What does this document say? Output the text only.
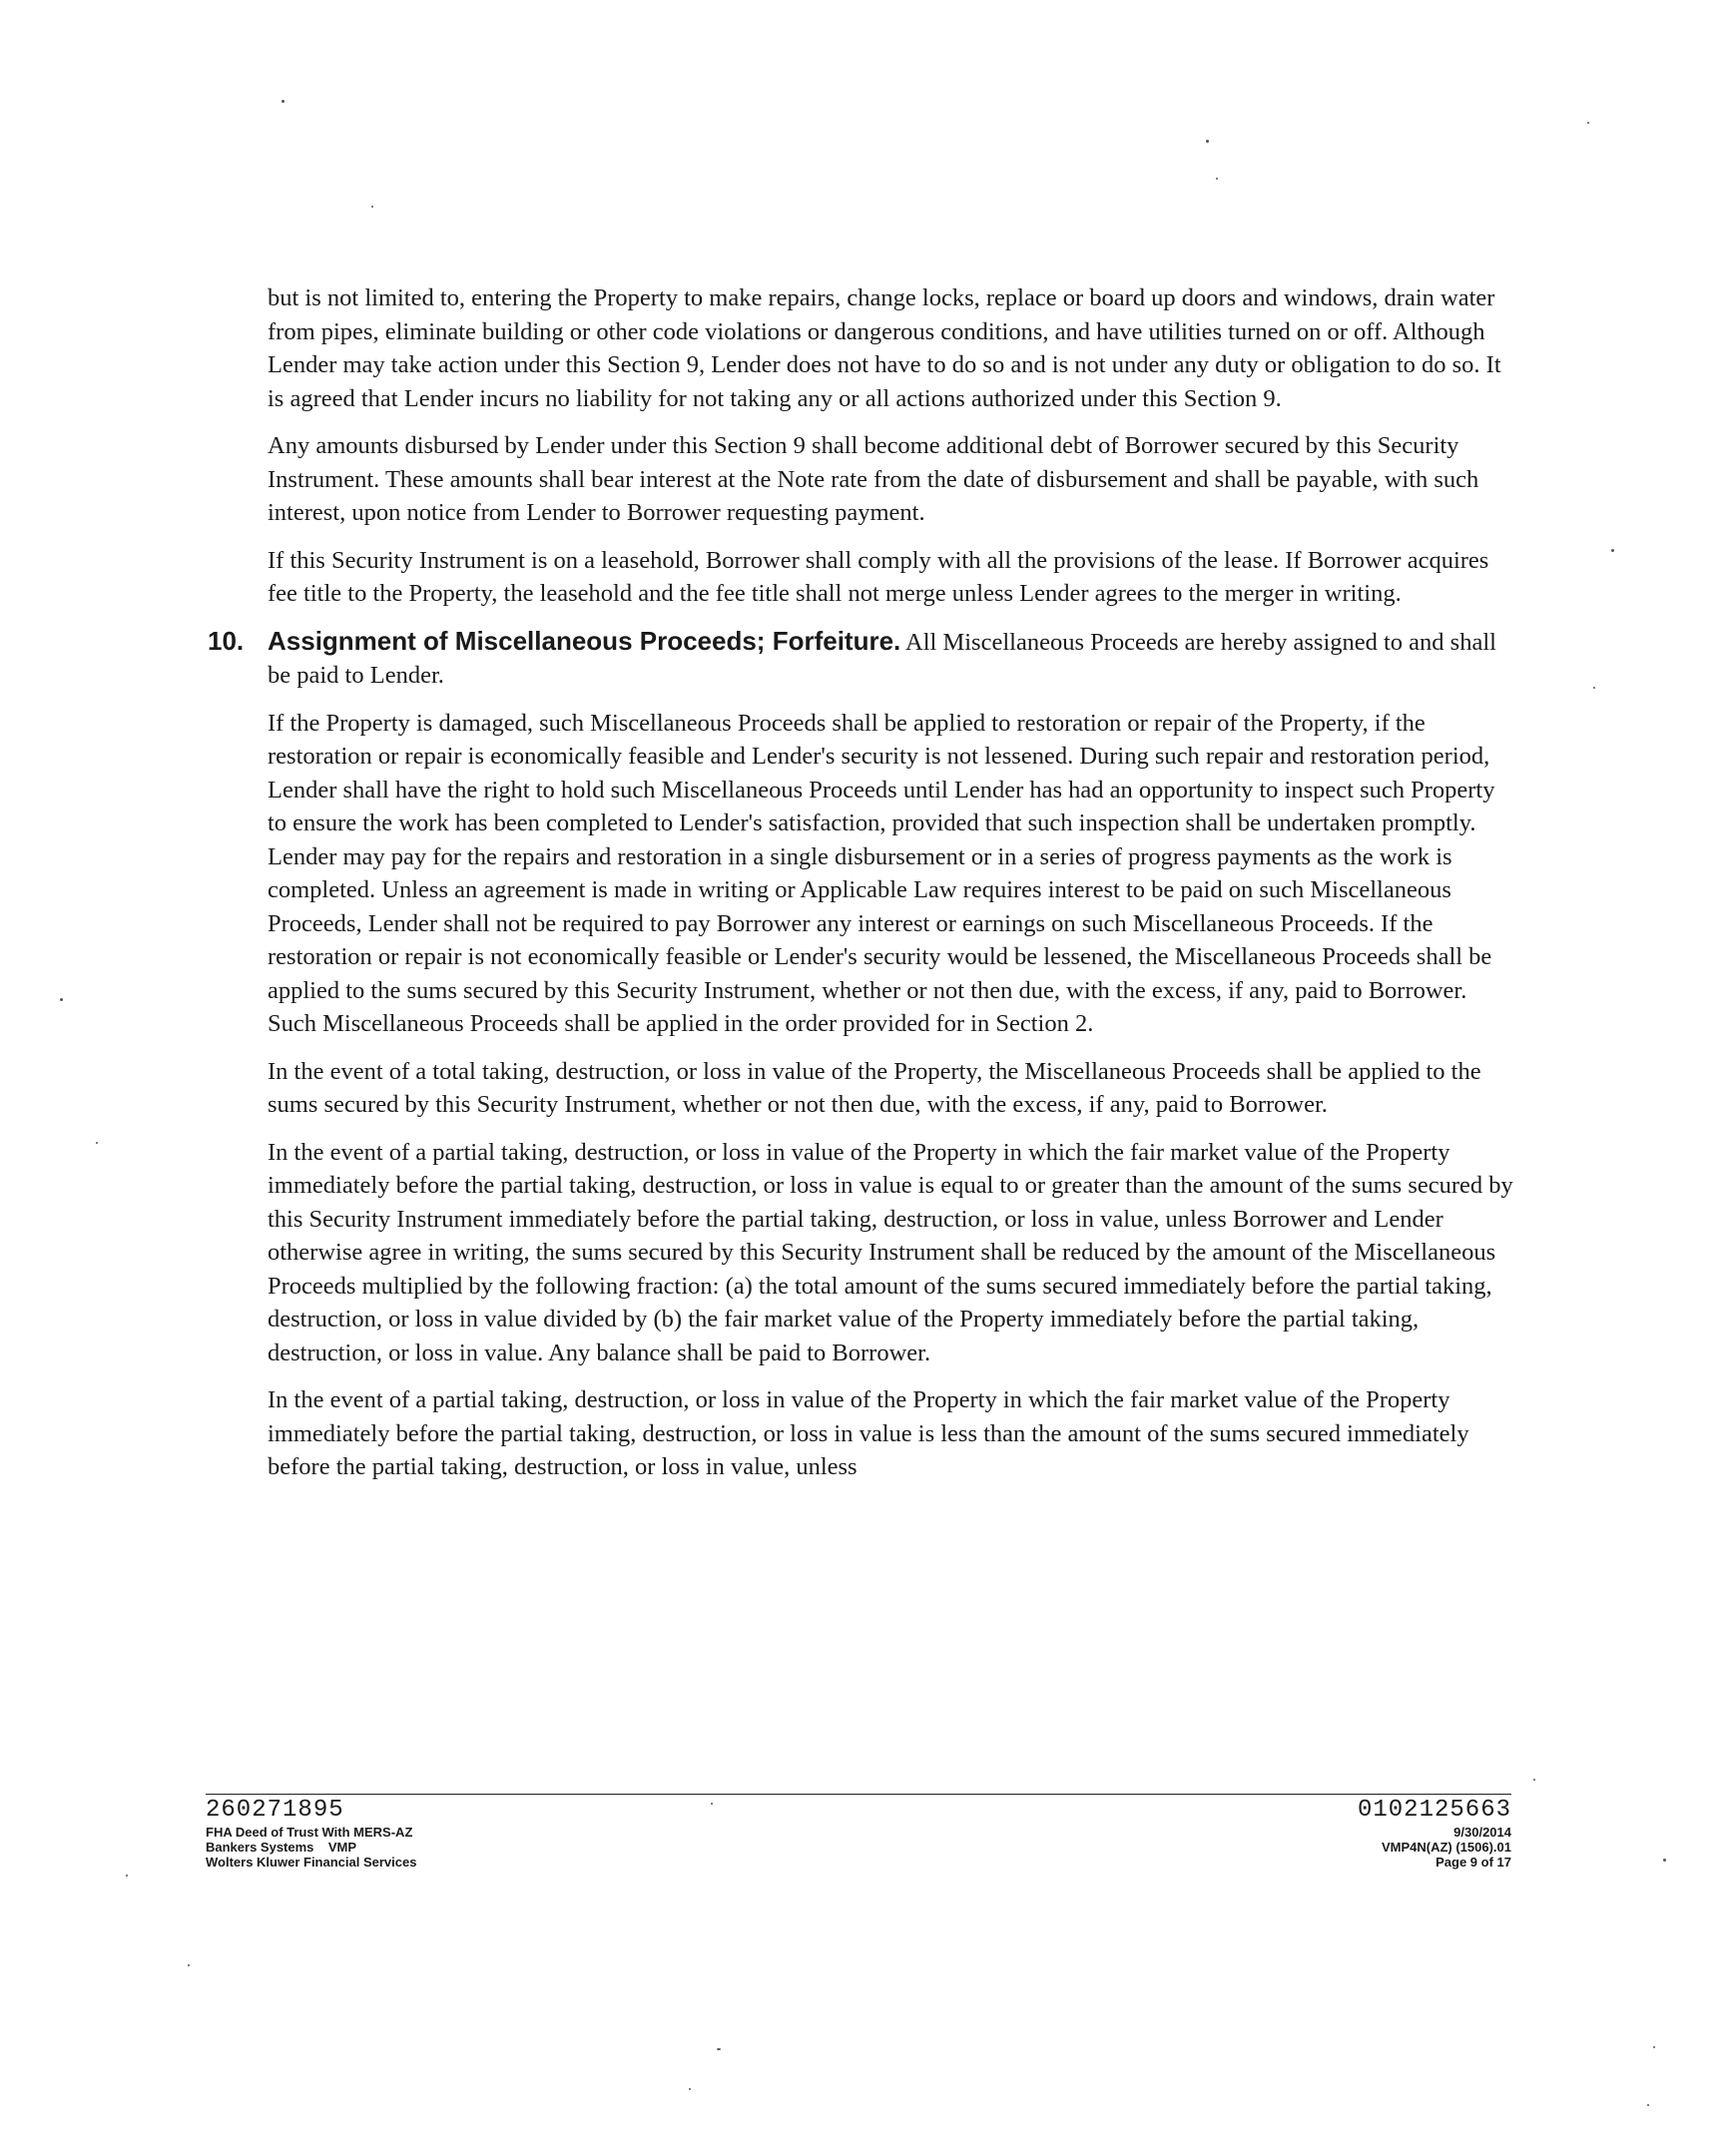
but is not limited to, entering the Property to make repairs, change locks, replace or board up doors and windows, drain water from pipes, eliminate building or other code violations or dangerous conditions, and have utilities turned on or off. Although Lender may take action under this Section 9, Lender does not have to do so and is not under any duty or obligation to do so. It is agreed that Lender incurs no liability for not taking any or all actions authorized under this Section 9.

Any amounts disbursed by Lender under this Section 9 shall become additional debt of Borrower secured by this Security Instrument. These amounts shall bear interest at the Note rate from the date of disbursement and shall be payable, with such interest, upon notice from Lender to Borrower requesting payment.

If this Security Instrument is on a leasehold, Borrower shall comply with all the provisions of the lease. If Borrower acquires fee title to the Property, the leasehold and the fee title shall not merge unless Lender agrees to the merger in writing.

10. Assignment of Miscellaneous Proceeds; Forfeiture. All Miscellaneous Proceeds are hereby assigned to and shall be paid to Lender.

If the Property is damaged, such Miscellaneous Proceeds shall be applied to restoration or repair of the Property, if the restoration or repair is economically feasible and Lender's security is not lessened. During such repair and restoration period, Lender shall have the right to hold such Miscellaneous Proceeds until Lender has had an opportunity to inspect such Property to ensure the work has been completed to Lender's satisfaction, provided that such inspection shall be undertaken promptly. Lender may pay for the repairs and restoration in a single disbursement or in a series of progress payments as the work is completed. Unless an agreement is made in writing or Applicable Law requires interest to be paid on such Miscellaneous Proceeds, Lender shall not be required to pay Borrower any interest or earnings on such Miscellaneous Proceeds. If the restoration or repair is not economically feasible or Lender's security would be lessened, the Miscellaneous Proceeds shall be applied to the sums secured by this Security Instrument, whether or not then due, with the excess, if any, paid to Borrower. Such Miscellaneous Proceeds shall be applied in the order provided for in Section 2.

In the event of a total taking, destruction, or loss in value of the Property, the Miscellaneous Proceeds shall be applied to the sums secured by this Security Instrument, whether or not then due, with the excess, if any, paid to Borrower.

In the event of a partial taking, destruction, or loss in value of the Property in which the fair market value of the Property immediately before the partial taking, destruction, or loss in value is equal to or greater than the amount of the sums secured by this Security Instrument immediately before the partial taking, destruction, or loss in value, unless Borrower and Lender otherwise agree in writing, the sums secured by this Security Instrument shall be reduced by the amount of the Miscellaneous Proceeds multiplied by the following fraction: (a) the total amount of the sums secured immediately before the partial taking, destruction, or loss in value divided by (b) the fair market value of the Property immediately before the partial taking, destruction, or loss in value. Any balance shall be paid to Borrower.

In the event of a partial taking, destruction, or loss in value of the Property in which the fair market value of the Property immediately before the partial taking, destruction, or loss in value is less than the amount of the sums secured immediately before the partial taking, destruction, or loss in value, unless

260271895
FHA Deed of Trust With MERS-AZ
Bankers Systems    VMP
Wolters Kluwer Financial Services
0102125663
9/30/2014
VMP4N(AZ) (1506).01
Page 9 of 17
